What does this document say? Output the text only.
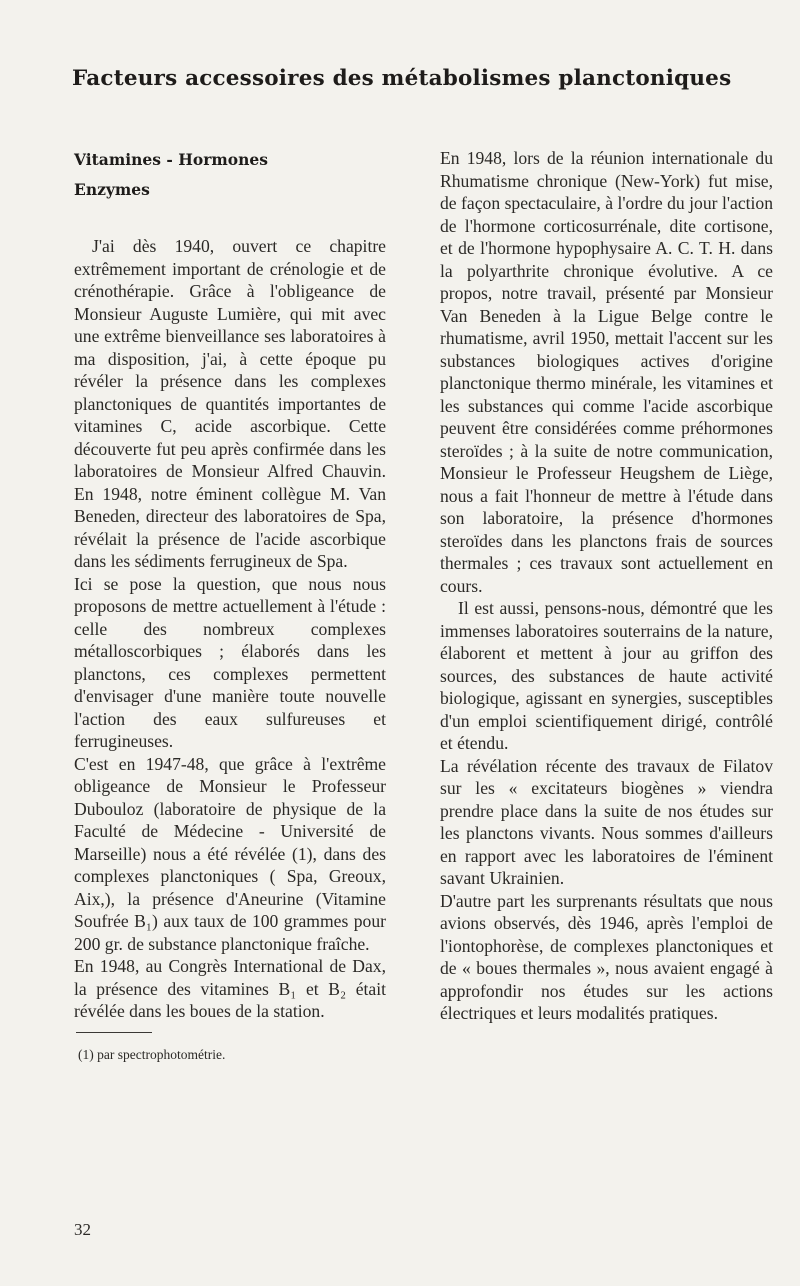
Facteurs accessoires des métabolismes planctoniques
Vitamines - Hormones
Enzymes

J'ai dès 1940, ouvert ce chapitre extrêmement important de crénologie et de crénothérapie. Grâce à l'obligeance de Monsieur Auguste Lumière, qui mit avec une extrême bienveillance ses laboratoires à ma disposition, j'ai, à cette époque pu révéler la présence dans les complexes planctoniques de quantités importantes de vitamines C, acide ascorbique. Cette découverte fut peu après confirmée dans les laboratoires de Monsieur Alfred Chauvin. En 1948, notre éminent collègue M. Van Beneden, directeur des laboratoires de Spa, révélait la présence de l'acide ascorbique dans les sédiments ferrugineux de Spa.

Ici se pose la question, que nous nous proposons de mettre actuellement à l'étude : celle des nombreux complexes métalloscorbiques ; élaborés dans les planctons, ces complexes permettent d'envisager d'une manière toute nouvelle l'action des eaux sulfureuses et ferrugineuses.

C'est en 1947-48, que grâce à l'extrême obligeance de Monsieur le Professeur Dubouloz (laboratoire de physique de la Faculté de Médecine - Université de Marseille) nous a été révélée (1), dans des complexes planctoniques ( Spa, Greoux, Aix,), la présence d'Aneurine (Vitamine Soufrée B₁) aux taux de 100 grammes pour 200 gr. de substance planctonique fraîche.

En 1948, au Congrès International de Dax, la présence des vitamines B₁ et B₂ était révélée dans les boues de la station.

En 1948, lors de la réunion internationale du Rhumatisme chronique (New-York) fut mise, de façon spectaculaire, à l'ordre du jour l'action de l'hormone corticosurrénale, dite cortisone, et de l'hormone hypophysaire A. C. T. H. dans la polyarthrite chronique évolutive. A ce propos, notre travail, présenté par Monsieur Van Beneden à la Ligue Belge contre le rhumatisme, avril 1950, mettait l'accent sur les substances biologiques actives d'origine planctonique thermo minérale, les vitamines et les substances qui comme l'acide ascorbique peuvent être considérées comme préhormones steroïdes ; à la suite de notre communication, Monsieur le Professeur Heugshem de Liège, nous a fait l'honneur de mettre à l'étude dans son laboratoire, la présence d'hormones steroïdes dans les planctons frais de sources thermales ; ces travaux sont actuellement en cours.

Il est aussi, pensons-nous, démontré que les immenses laboratoires souterrains de la nature, élaborent et mettent à jour au griffon des sources, des substances de haute activité biologique, agissant en synergies, susceptibles d'un emploi scientifiquement dirigé, contrôlé et étendu.

La révélation récente des travaux de Filatov sur les « excitateurs biogènes » viendra prendre place dans la suite de nos études sur les planctons vivants. Nous sommes d'ailleurs en rapport avec les laboratoires de l'éminent savant Ukrainien.

D'autre part les surprenants résultats que nous avions observés, dès 1946, après l'emploi de l'iontophorèse, de complexes planctoniques et de « boues thermales », nous avaient engagé à approfondir nos études sur les actions électriques et leurs modalités pratiques.

(1) par spectrophotométrie.
32
